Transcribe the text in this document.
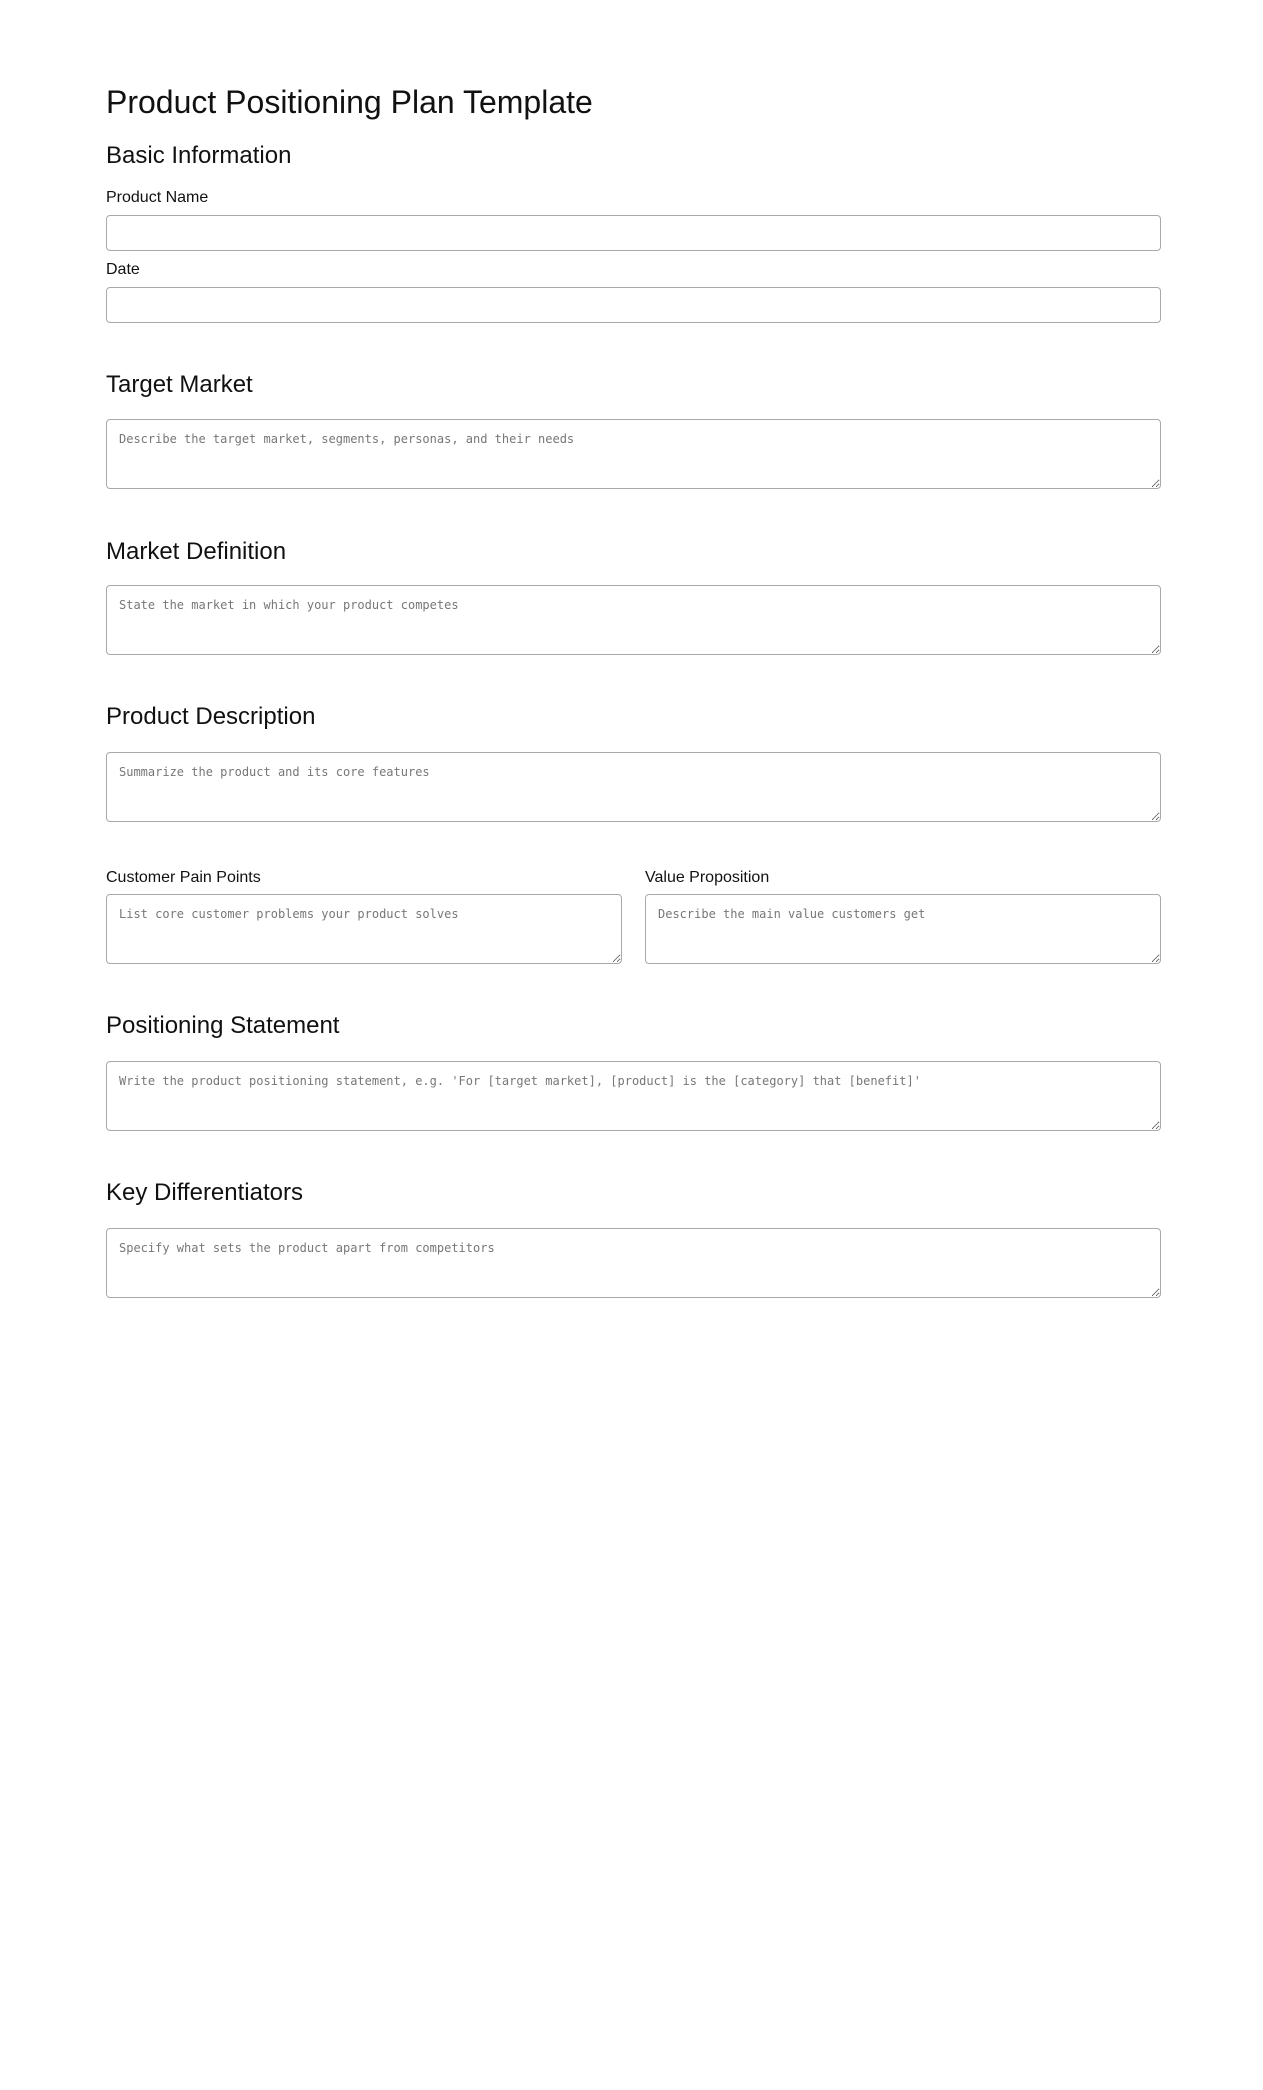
Product Positioning Plan Template
Basic Information
Product Name
Date
Target Market
Describe the target market, segments, personas, and their needs
Market Definition
State the market in which your product competes
Product Description
Summarize the product and its core features
Customer Pain Points
List core customer problems your product solves	Value Proposition
Describe the main value customers get
Positioning Statement
Write the product positioning statement, e.g. 'For [target market], [product] is the [category] that [benefit]'
Key Differentiators
Specify what sets the product apart from competitors
